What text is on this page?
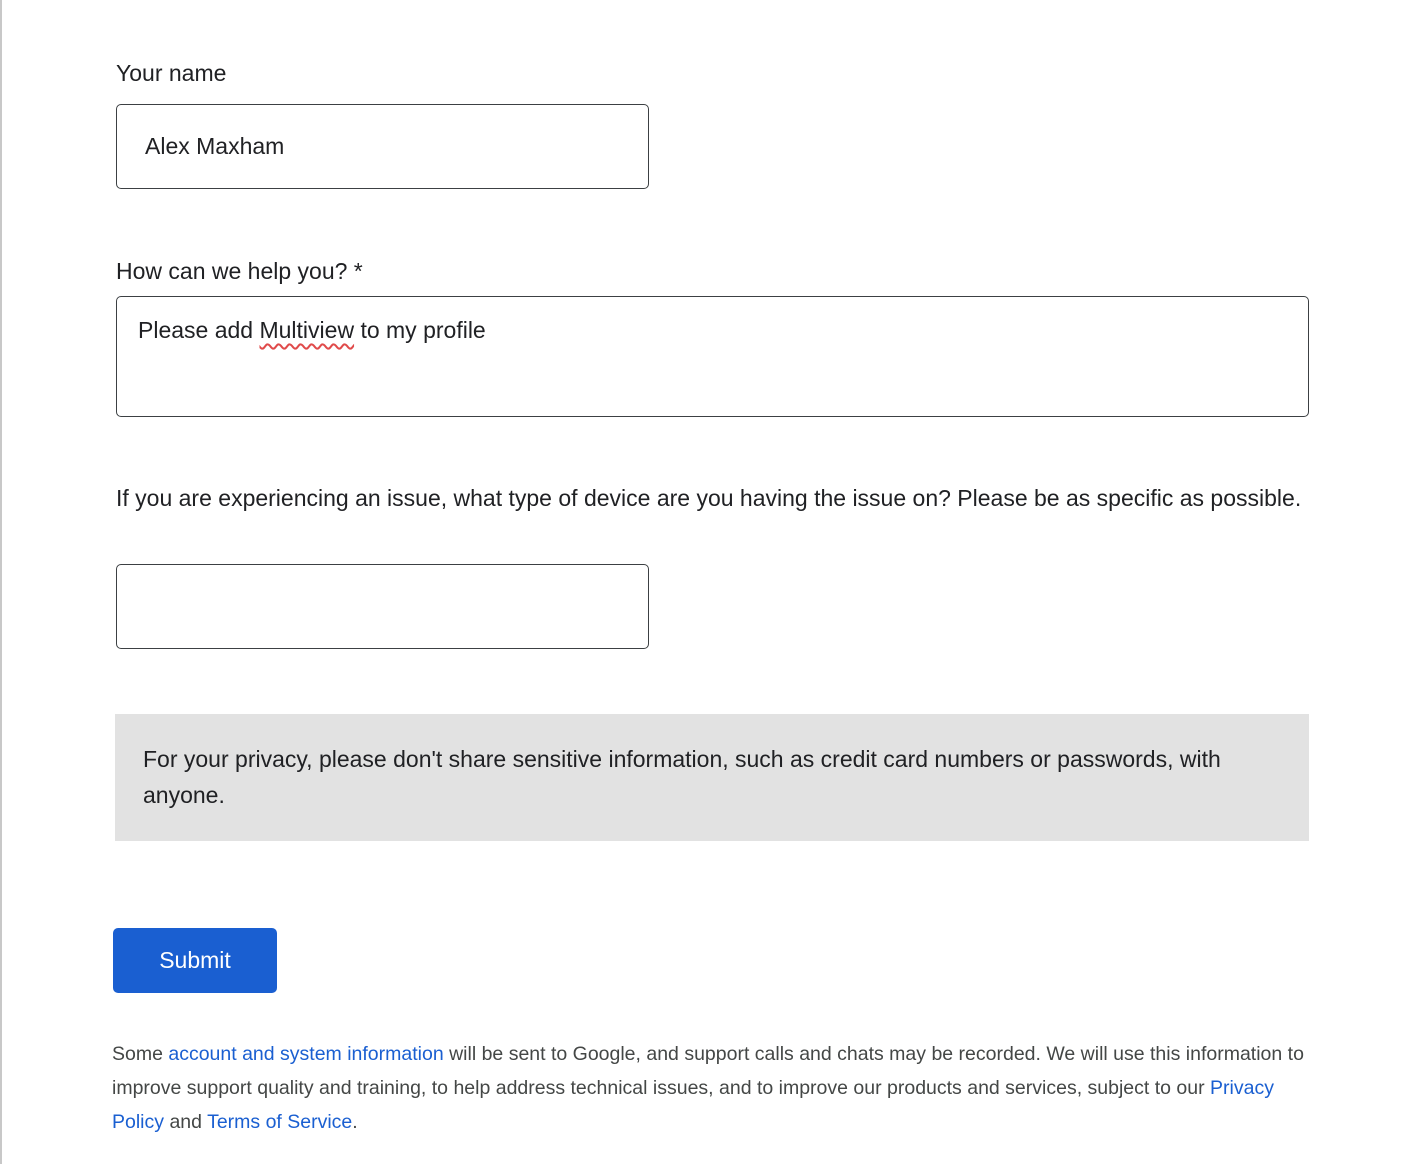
Your name
Alex Maxham
How can we help you? *
Please add Multiview to my profile
If you are experiencing an issue, what type of device are you having the issue on? Please be as specific as possible.
For your privacy, please don't share sensitive information, such as credit card numbers or passwords, with anyone.
Submit
Some account and system information will be sent to Google, and support calls and chats may be recorded. We will use this information to improve support quality and training, to help address technical issues, and to improve our products and services, subject to our Privacy Policy and Terms of Service.
